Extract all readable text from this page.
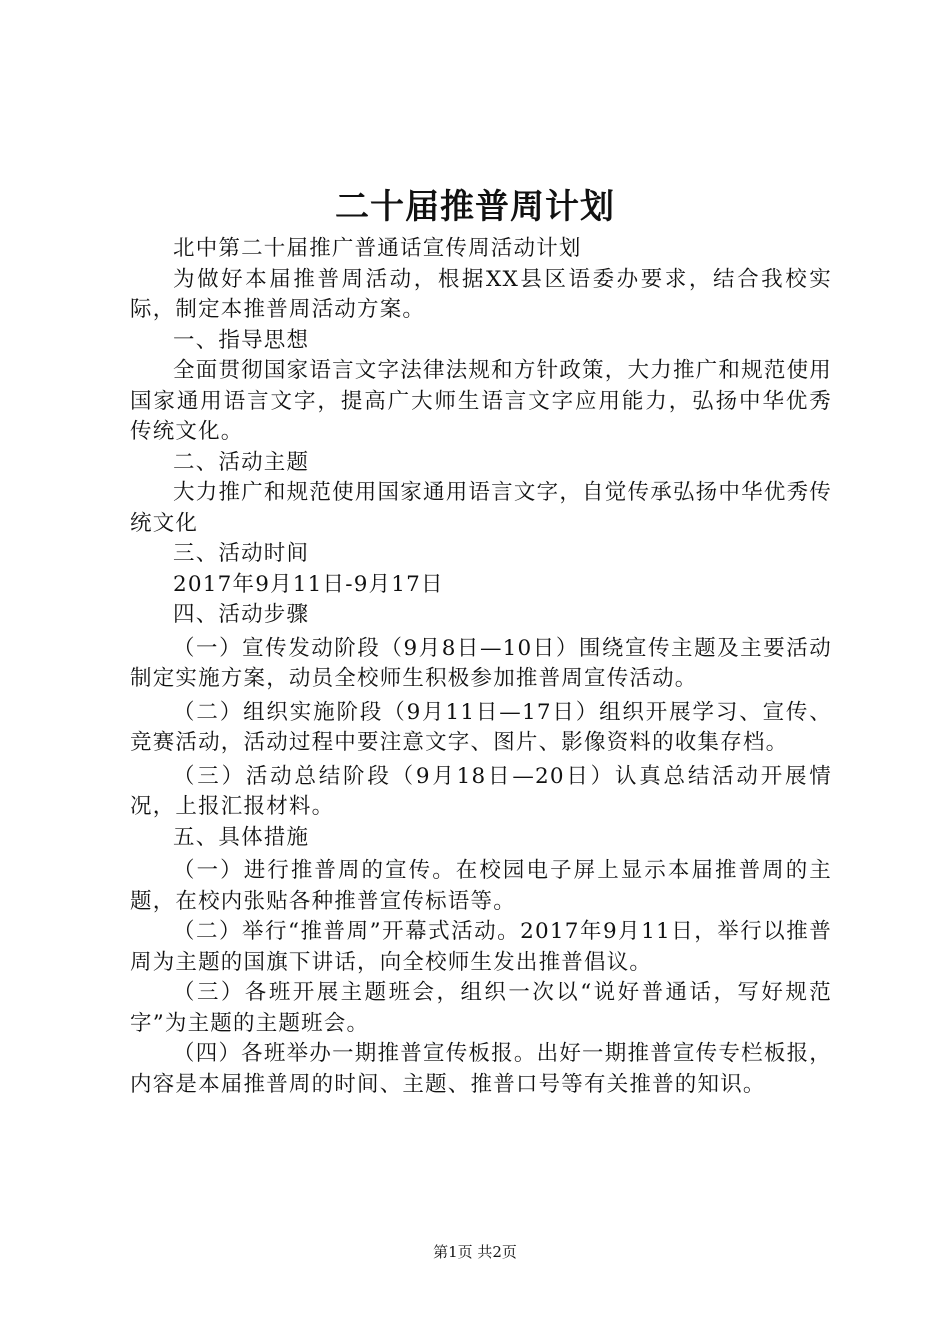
二十届推普周计划

北中第二十届推广普通话宣传周活动计划

为做好本届推普周活动，根据XX县区语委办要求，结合我校实际，制定本推普周活动方案。

一、指导思想

全面贯彻国家语言文字法律法规和方针政策，大力推广和规范使用国家通用语言文字，提高广大师生语言文字应用能力，弘扬中华优秀传统文化。

二、活动主题

大力推广和规范使用国家通用语言文字，自觉传承弘扬中华优秀传统文化

三、活动时间

2017年9月11日-9月17日

四、活动步骤

（一）宣传发动阶段（9月8日—10日）围绕宣传主题及主要活动制定实施方案，动员全校师生积极参加推普周宣传活动。

（二）组织实施阶段（9月11日—17日）组织开展学习、宣传、竞赛活动，活动过程中要注意文字、图片、影像资料的收集存档。

（三）活动总结阶段（9月18日—20日）认真总结活动开展情况，上报汇报材料。

五、具体措施

（一）进行推普周的宣传。在校园电子屏上显示本届推普周的主题，在校内张贴各种推普宣传标语等。

（二）举行“推普周”开幕式活动。2017年9月11日，举行以推普周为主题的国旗下讲话，向全校师生发出推普倡议。

（三）各班开展主题班会，组织一次以“说好普通话，写好规范字”为主题的主题班会。

（四）各班举办一期推普宣传板报。出好一期推普宣传专栏板报，内容是本届推普周的时间、主题、推普口号等有关推普的知识。

第1页 共2页
